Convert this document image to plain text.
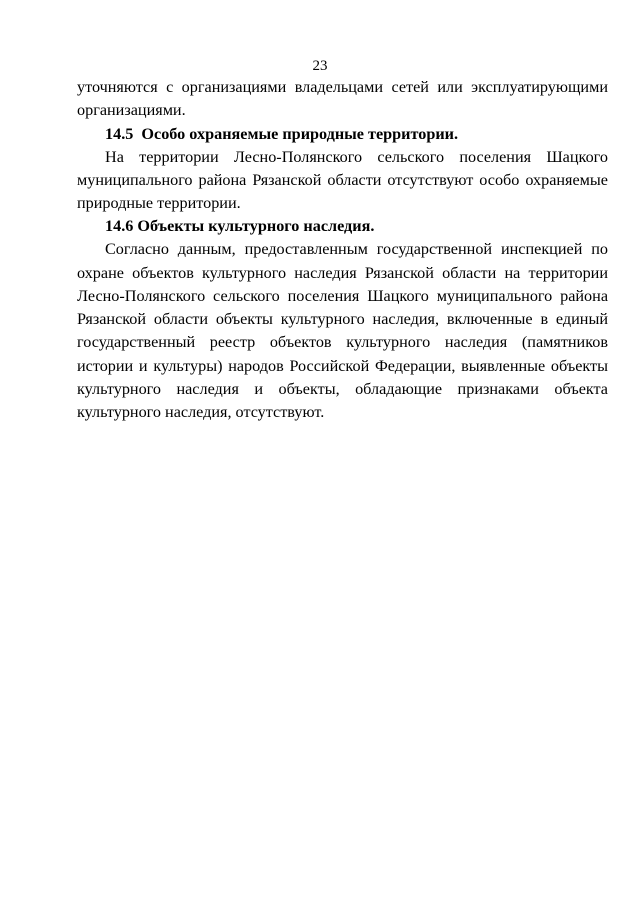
23

уточняются с организациями владельцами сетей или эксплуатирующими организациями.

14.5 Особо охраняемые природные территории.

На территории Лесно-Полянского сельского поселения Шацкого муниципального района Рязанской области отсутствуют особо охраняемые природные территории.

14.6 Объекты культурного наследия.

Согласно данным, предоставленным государственной инспекцией по охране объектов культурного наследия Рязанской области на территории Лесно-Полянского сельского поселения Шацкого муниципального района Рязанской области объекты культурного наследия, включенные в единый государственный реестр объектов культурного наследия (памятников истории и культуры) народов Российской Федерации, выявленные объекты культурного наследия и объекты, обладающие признаками объекта культурного наследия, отсутствуют.
